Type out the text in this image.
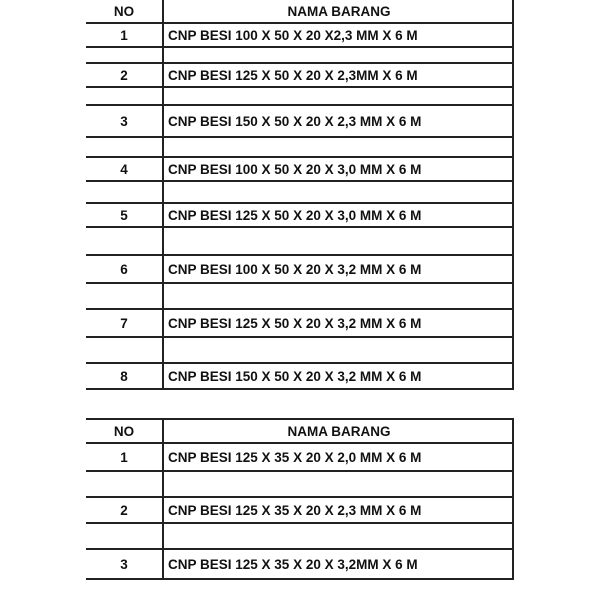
NO	NAMA BARANG
1	CNP BESI 100 X 50 X 20 X2,3 MM X 6 M
2	CNP BESI 125 X 50 X 20 X 2,3MM X 6 M
3	CNP BESI 150 X 50 X 20 X 2,3 MM X 6 M
4	CNP BESI 100 X 50 X 20 X 3,0 MM X 6 M
5	CNP BESI 125 X 50 X 20 X 3,0 MM X 6 M
6	CNP BESI 100 X 50 X 20 X 3,2 MM X 6 M
7	CNP BESI 125 X 50 X 20 X 3,2 MM X 6 M
8	CNP BESI 150 X 50 X 20 X 3,2 MM X 6 M
NO	NAMA BARANG
1	CNP BESI 125 X 35 X 20 X 2,0 MM X 6 M
2	CNP BESI 125 X 35 X 20 X 2,3 MM X 6 M
3	CNP BESI 125 X 35 X 20 X 3,2MM X 6 M
